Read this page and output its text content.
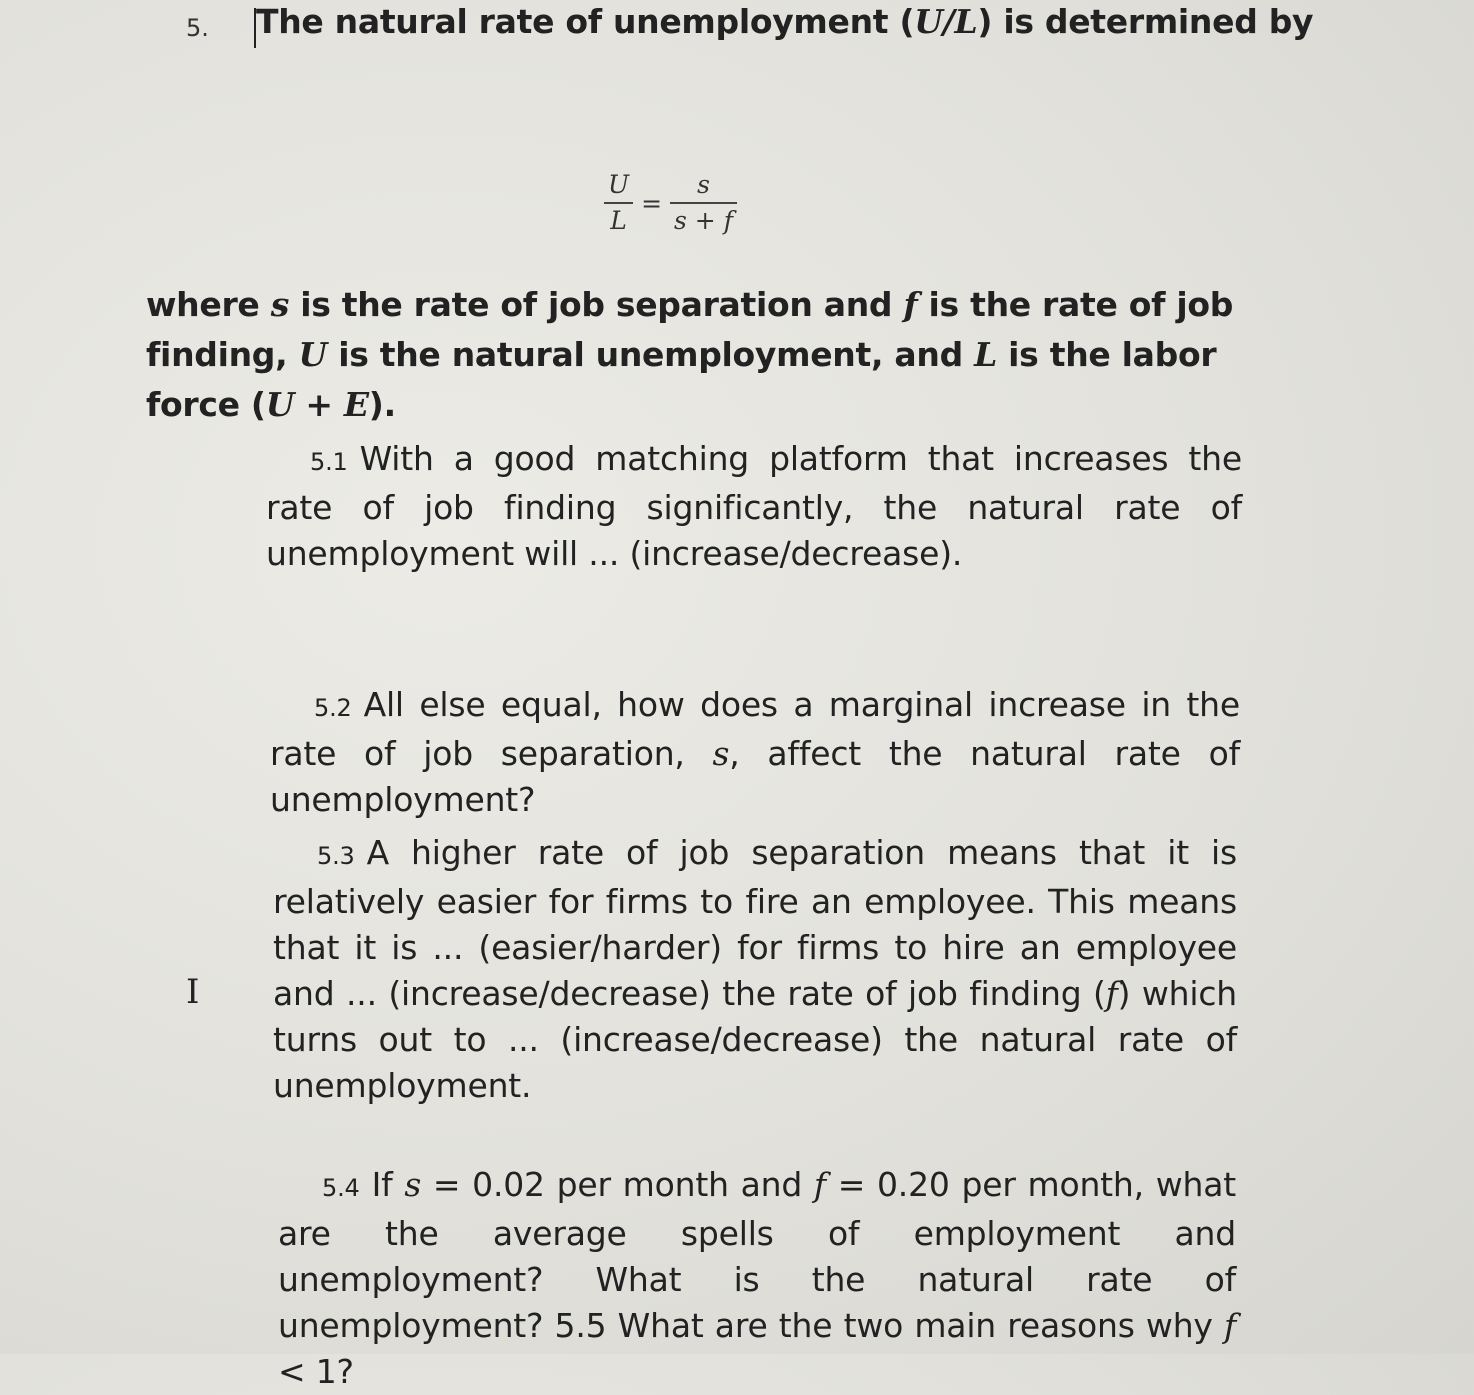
5. The natural rate of unemployment (U/L) is determined by
$\frac{U}{L} = \frac{s}{s + f}$
where s is the rate of job separation and f is the rate of job finding, U is the natural unemployment, and L is the labor force (U + E).
5.1 With a good matching platform that increases the rate of job finding significantly, the natural rate of unemployment will ... (increase/decrease).
5.2 All else equal, how does a marginal increase in the rate of job separation, s, affect the natural rate of unemployment?
5.3 A higher rate of job separation means that it is relatively easier for firms to fire an employee. This means that it is ... (easier/harder) for firms to hire an employee and ... (increase/decrease) the rate of job finding (f) which turns out to ... (increase/decrease) the natural rate of unemployment.
I
5.4 If s = 0.02 per month and f = 0.20 per month, what are the average spells of employment and unemployment? What is the natural rate of unemployment? 5.5 What are the two main reasons why f < 1?
